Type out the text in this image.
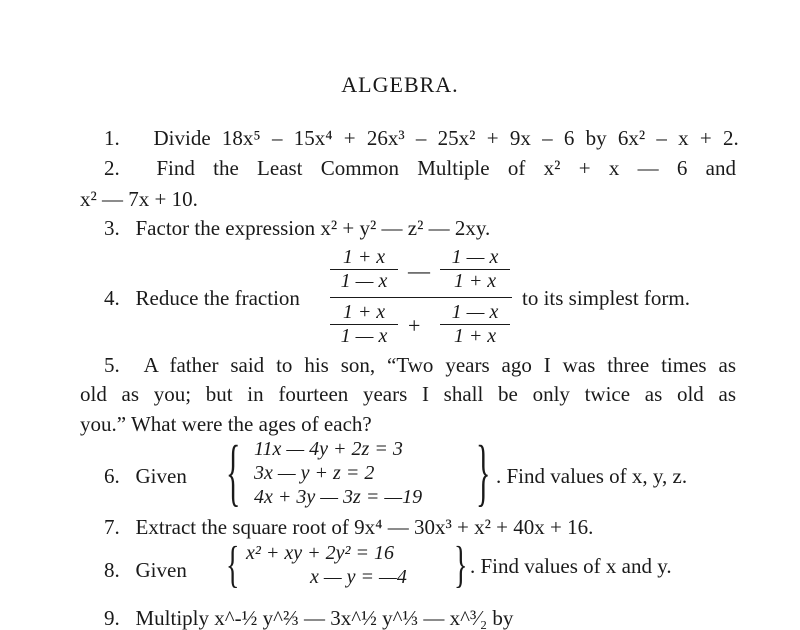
ALGEBRA.
1. Divide 18x⁵ – 15x⁴ + 26x³ – 25x² + 9x – 6 by 6x² – x + 2.
2. Find the Least Common Multiple of x² + x — 6 and
x² — 7x + 10.
3. Factor the expression x² + y² — z² — 2xy.
4. Reduce the fraction
$\frac{1 + x}{1 — x}$ — $\frac{1 — x}{1 + x}$
$\frac{1 + x}{1 — x} + \frac{1 — x}{1 + x}$
to its simplest form.
5. A father said to his son, “Two years ago I was three times as
old as you; but in fourteen years I shall be only twice as old as
you.” What were the ages of each?
6. Given { 11x — 4y + 2z = 3
3x — y + z = 2
4x + 3y — 3z = —19 } . Find values of x, y, z.
7. Extract the square root of 9x⁴ — 30x³ + x² + 40x + 16.
8. Given { x² + xy + 2y² = 16
x — y = —4 } . Find values of x and y.
9. Multiply x^-½ y^⅔ — 3x^½ y^⅓ — x^³⁄₂ by
